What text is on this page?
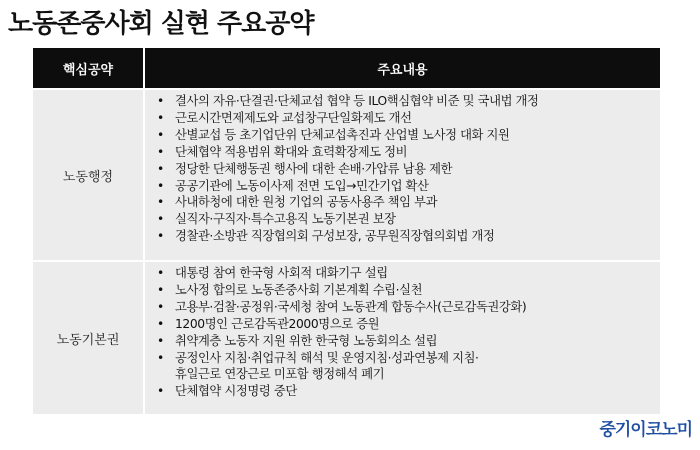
노동존중사회 실현 주요공약
핵심공약	주요내용
노동행정
• 결사의 자유·단결권·단체교섭 협약 등 ILO핵심협약 비준 및 국내법 개정
• 근로시간면제제도와 교섭창구단일화제도 개선
• 산별교섭 등 초기업단위 단체교섭촉진과 산업별 노사정 대화 지원
• 단체협약 적용범위 확대와 효력확장제도 정비
• 정당한 단체행동권 행사에 대한 손배·가압류 남용 제한
• 공공기관에 노동이사제 전면 도입→민간기업 확산
• 사내하청에 대한 원청 기업의 공동사용주 책임 부과
• 실직자·구직자·특수고용직 노동기본권 보장
• 경찰관·소방관 직장협의회 구성보장, 공무원직장협의회법 개정
노동기본권
• 대통령 참여 한국형 사회적 대화기구 설립
• 노사정 합의로 노동존중사회 기본계획 수립·실천
• 고용부·검찰·공정위·국세청 참여 노동관계 합동수사(근로감독권강화)
• 1200명인 근로감독관2000명으로 증원
• 취약계층 노동자 지원 위한 한국형 노동회의소 설립
• 공정인사 지침·취업규칙 해석 및 운영지침·성과연봉제 지침·
휴일근로 연장근로 미포함 행정해석 폐기
• 단체협약 시정명령 중단
중기이코노미
